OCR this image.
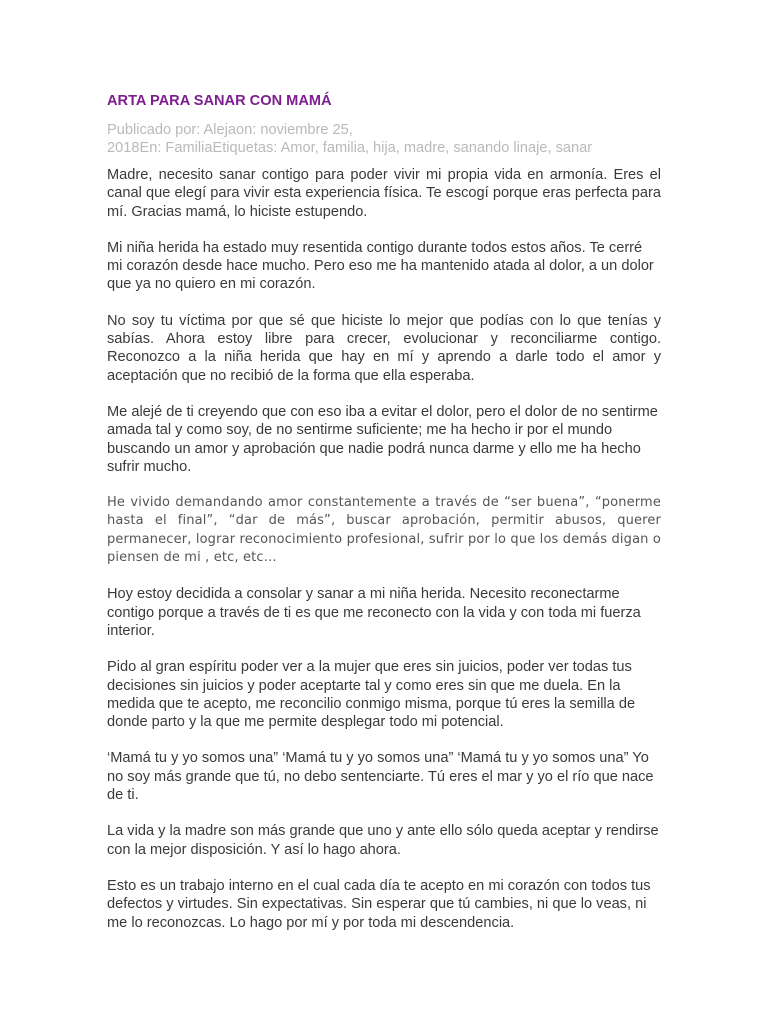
ARTA PARA SANAR CON MAMÁ
Publicado por: Alejaon: noviembre 25,
2018En: FamiliaEtiquetas: Amor, familia, hija, madre, sanando linaje, sanar

Madre, necesito sanar contigo para poder vivir mi propia vida en armonía. Eres el canal que elegí para vivir esta experiencia física. Te escogí porque eras perfecta para mí. Gracias mamá, lo hiciste estupendo.

Mi niña herida ha estado muy resentida contigo durante todos estos años. Te cerré mi corazón desde hace mucho. Pero eso me ha mantenido atada al dolor, a un dolor que ya no quiero en mi corazón.

No soy tu víctima por que sé que hiciste lo mejor que podías con lo que tenías y sabías. Ahora estoy libre para crecer, evolucionar y reconciliarme contigo. Reconozco a la niña herida que hay en mí y aprendo a darle todo el amor y aceptación que no recibió de la forma que ella esperaba.

Me alejé de ti creyendo que con eso iba a evitar el dolor, pero el dolor de no sentirme amada tal y como soy, de no sentirme suficiente; me ha hecho ir por el mundo buscando un amor y aprobación que nadie podrá nunca darme y ello me ha hecho sufrir mucho.

He vivido demandando amor constantemente a través de “ser buena”, “ponerme hasta el final”, “dar de más”, buscar aprobación, permitir abusos, querer permanecer, lograr reconocimiento profesional, sufrir por lo que los demás digan o piensen de mi , etc, etc…

Hoy estoy decidida a consolar y sanar a mi niña herida. Necesito reconectarme contigo porque a través de ti es que me reconecto con la vida y con toda mi fuerza interior.

Pido al gran espíritu poder ver a la mujer que eres sin juicios, poder ver todas tus decisiones sin juicios y poder aceptarte tal y como eres sin que me duela. En la medida que te acepto, me reconcilio conmigo misma, porque tú eres la semilla de donde parto y la que me permite desplegar todo mi potencial.

‘Mamá tu y yo somos una” ‘Mamá tu y yo somos una” ‘Mamá tu y yo somos una” Yo no soy más grande que tú, no debo sentenciarte. Tú eres el mar y yo el río que nace de ti.

La vida y la madre son más grande que uno y ante ello sólo queda aceptar y rendirse con la mejor disposición. Y así lo hago ahora.

Esto es un trabajo interno en el cual cada día te acepto en mi corazón con todos tus defectos y virtudes. Sin expectativas. Sin esperar que tú cambies, ni que lo veas, ni me lo reconozcas. Lo hago por mí y por toda mi descendencia.
